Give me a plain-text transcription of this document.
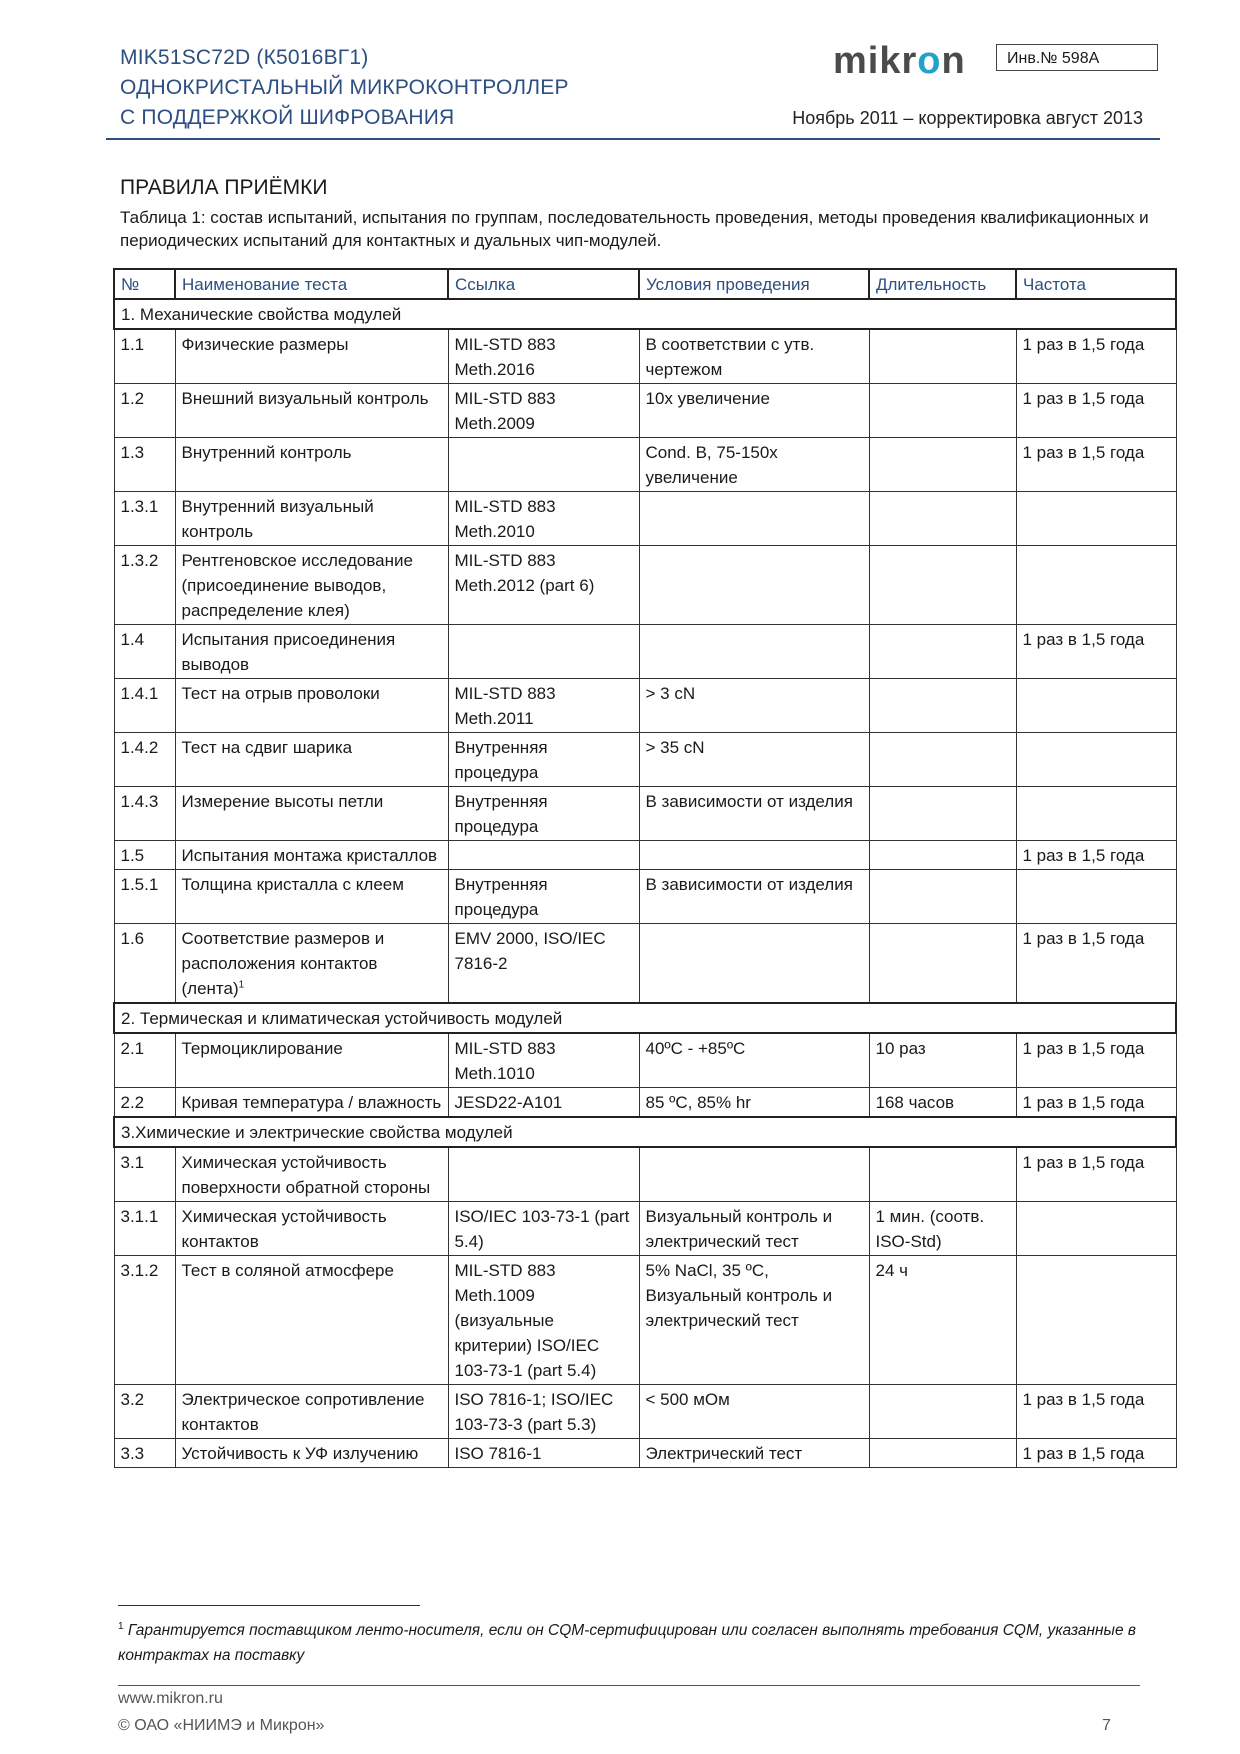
MIK51SC72D (К5016ВГ1)
ОДНОКРИСТАЛЬНЫЙ МИКРОКОНТРОЛЛЕР
С ПОДДЕРЖКОЙ ШИФРОВАНИЯ
mikron	Инв.№ 598А
Ноябрь 2011 – корректировка август 2013
ПРАВИЛА ПРИЁМКИ
Таблица 1: состав испытаний, испытания по группам, последовательность проведения, методы проведения квалификационных и периодических испытаний для контактных и дуальных чип-модулей.
№	Наименование теста	Ссылка	Условия проведения	Длительность	Частота
1. Механические свойства модулей					
1.1	Физические размеры	MIL-STD 883 Meth.2016	В соответствии с утв. чертежом		1 раз в 1,5 года
1.2	Внешний визуальный контроль	MIL-STD 883 Meth.2009	10x увеличение		1 раз в 1,5 года
1.3	Внутренний контроль		Cond. B, 75-150x увеличение		1 раз в 1,5 года
1.3.1	Внутренний визуальный контроль	MIL-STD 883 Meth.2010			
1.3.2	Рентгеновское исследование (присоединение выводов, распределение клея)	MIL-STD 883 Meth.2012 (part 6)			
1.4	Испытания присоединения выводов				1 раз в 1,5 года
1.4.1	Тест на отрыв проволоки	MIL-STD 883 Meth.2011	> 3 cN		
1.4.2	Тест на сдвиг шарика	Внутренняя процедура	> 35 cN		
1.4.3	Измерение высоты петли	Внутренняя процедура	В зависимости от изделия		
1.5	Испытания монтажа кристаллов				1 раз в 1,5 года
1.5.1	Толщина кристалла с клеем	Внутренняя процедура	В зависимости от изделия		
1.6	Соответствие размеров и расположения контактов (лента)$^1$	EMV 2000, ISO/IEC 7816-2			1 раз в 1,5 года
2. Термическая и климатическая устойчивость модулей					
2.1	Термоциклирование	MIL-STD 883 Meth.1010	40ºC - +85ºC	10 раз	1 раз в 1,5 года
2.2	Кривая температура / влажность	JESD22-A101	85 ºC, 85% hr	168 часов	1 раз в 1,5 года
3.Химические и электрические свойства модулей					
3.1	Химическая устойчивость поверхности обратной стороны				1 раз в 1,5 года
3.1.1	Химическая устойчивость контактов	ISO/IEC 103-73-1 (part 5.4)	Визуальный контроль и электрический тест	1 мин. (соотв. ISO-Std)	
3.1.2	Тест в соляной атмосфере	MIL-STD 883 Meth.1009 (визуальные критерии) ISO/IEC 103-73-1 (part 5.4)	5% NaCl, 35 ºC, Визуальный контроль и электрический тест	24 ч	
3.2	Электрическое сопротивление контактов	ISO 7816-1; ISO/IEC 103-73-3 (part 5.3)	< 500 мОм		1 раз в 1,5 года
3.3	Устойчивость к УФ излучению	ISO 7816-1	Электрический тест		1 раз в 1,5 года
$^1$ Гарантируется поставщиком ленто-носителя, если он CQM-сертифицирован или согласен выполнять требования CQM, указанные в контрактах на поставку
www.mikron.ru
© ОАО «НИИМЭ и Микрон»	7
